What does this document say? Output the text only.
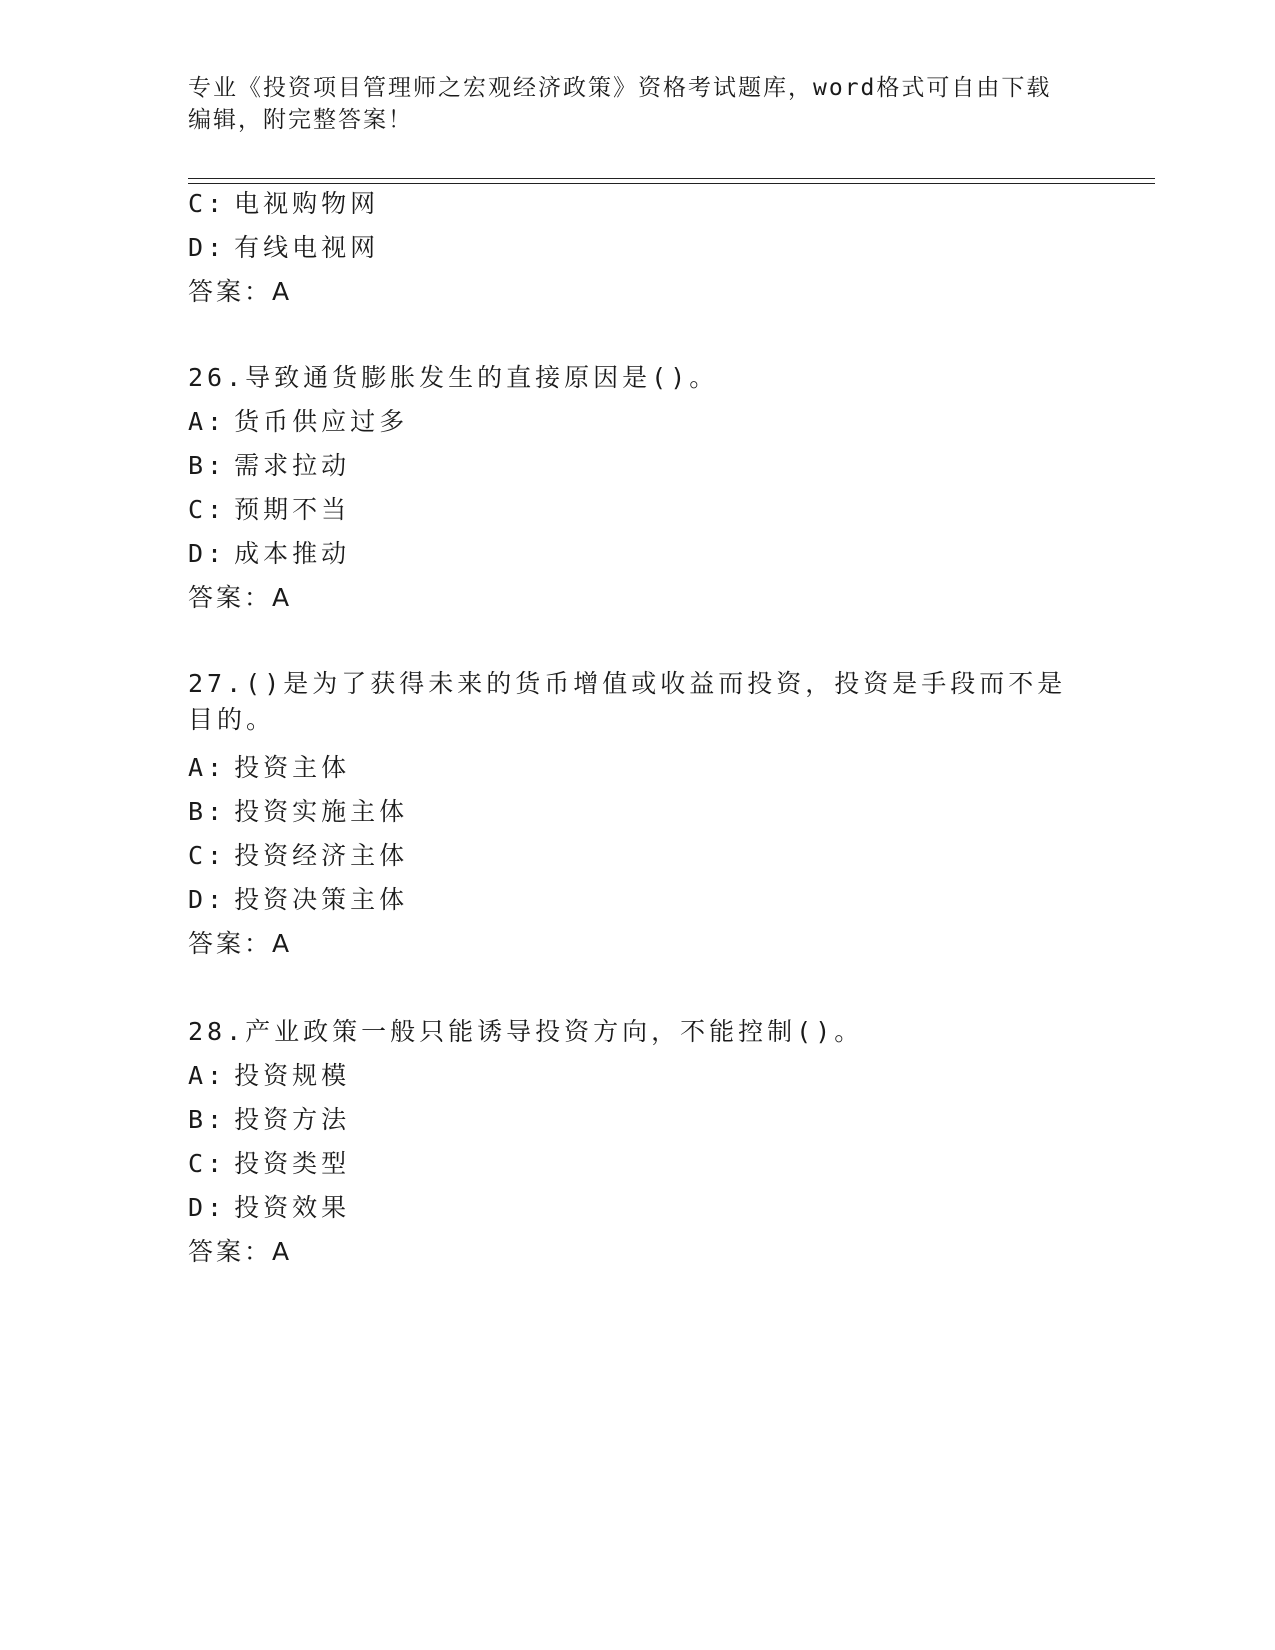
专业《投资项目管理师之宏观经济政策》资格考试题库，word格式可自由下载编辑，附完整答案！
C: 电视购物网
D: 有线电视网
答案：A
26.导致通货膨胀发生的直接原因是()。
A: 货币供应过多
B: 需求拉动
C: 预期不当
D: 成本推动
答案：A
27.()是为了获得未来的货币增值或收益而投资，投资是手段而不是目的。
A: 投资主体
B: 投资实施主体
C: 投资经济主体
D: 投资决策主体
答案：A
28.产业政策一般只能诱导投资方向，不能控制()。
A: 投资规模
B: 投资方法
C: 投资类型
D: 投资效果
答案：A
